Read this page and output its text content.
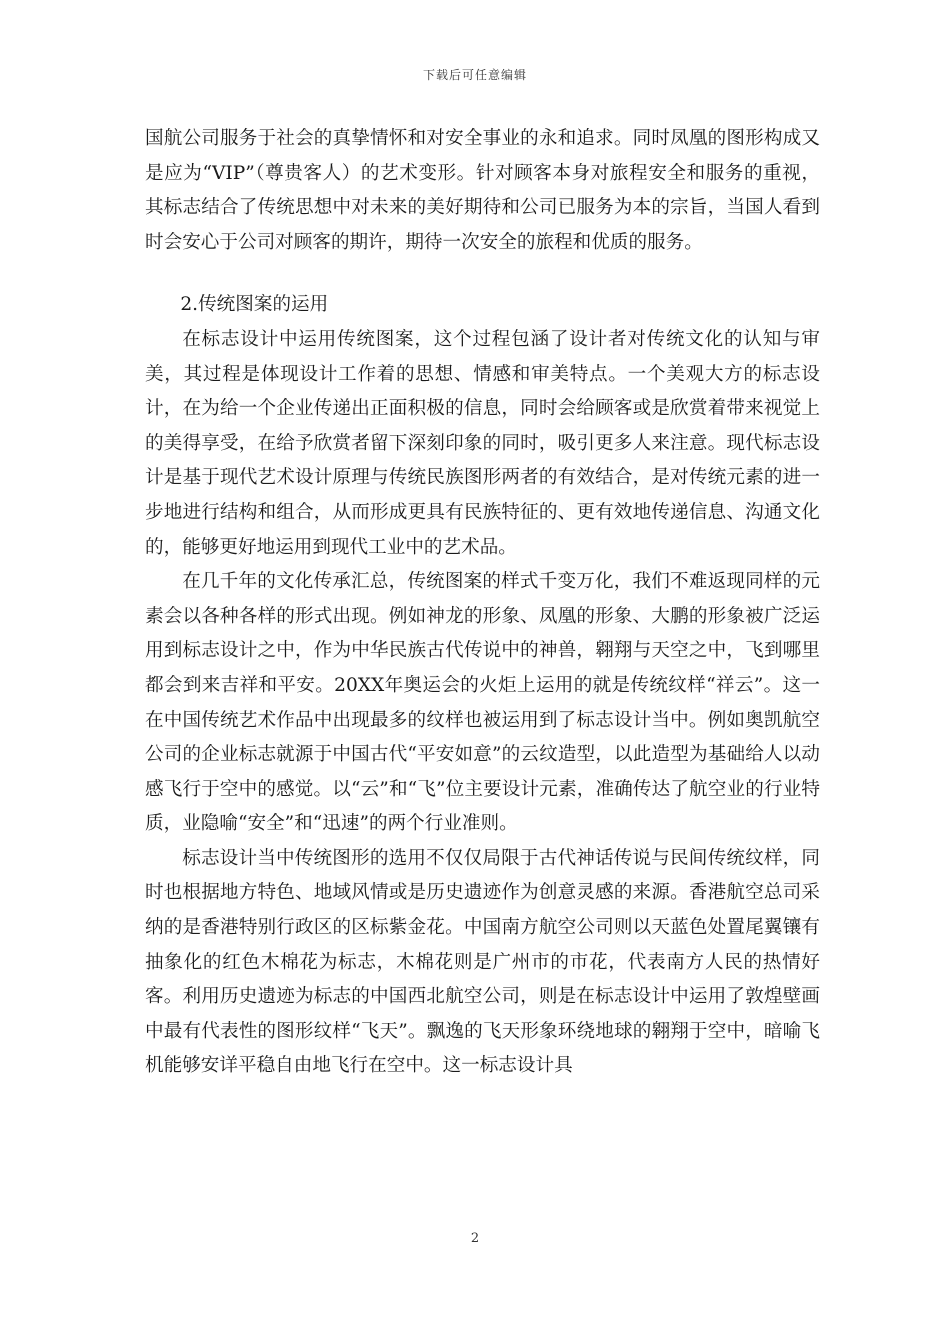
下载后可任意编辑

国航公司服务于社会的真挚情怀和对安全事业的永和追求。同时凤凰的图形构成又是应为“VIP”（尊贵客人）的艺术变形。针对顾客本身对旅程安全和服务的重视，其标志结合了传统思想中对未来的美好期待和公司已服务为本的宗旨，当国人看到时会安心于公司对顾客的期许，期待一次安全的旅程和优质的服务。

2.传统图案的运用

在标志设计中运用传统图案，这个过程包涵了设计者对传统文化的认知与审美，其过程是体现设计工作着的思想、情感和审美特点。一个美观大方的标志设计，在为给一个企业传递出正面积极的信息，同时会给顾客或是欣赏着带来视觉上的美得享受，在给予欣赏者留下深刻印象的同时，吸引更多人来注意。现代标志设计是基于现代艺术设计原理与传统民族图形两者的有效结合，是对传统元素的进一步地进行结构和组合，从而形成更具有民族特征的、更有效地传递信息、沟通文化的，能够更好地运用到现代工业中的艺术品。

在几千年的文化传承汇总，传统图案的样式千变万化，我们不难返现同样的元素会以各种各样的形式出现。例如神龙的形象、凤凰的形象、大鹏的形象被广泛运用到标志设计之中，作为中华民族古代传说中的神兽，翱翔与天空之中，飞到哪里都会到来吉祥和平安。20XX年奥运会的火炬上运用的就是传统纹样“祥云”。这一在中国传统艺术作品中出现最多的纹样也被运用到了标志设计当中。例如奥凯航空公司的企业标志就源于中国古代“平安如意”的云纹造型，以此造型为基础给人以动感飞行于空中的感觉。以“云”和“飞”位主要设计元素，准确传达了航空业的行业特质，业隐喻“安全”和“迅速”的两个行业准则。

标志设计当中传统图形的选用不仅仅局限于古代神话传说与民间传统纹样，同时也根据地方特色、地域风情或是历史遗迹作为创意灵感的来源。香港航空总司采纳的是香港特别行政区的区标紫金花。中国南方航空公司则以天蓝色处置尾翼镶有抽象化的红色木棉花为标志，木棉花则是广州市的市花，代表南方人民的热情好客。利用历史遗迹为标志的中国西北航空公司，则是在标志设计中运用了敦煌壁画中最有代表性的图形纹样“飞天”。飘逸的飞天形象环绕地球的翱翔于空中，暗喻飞机能够安详平稳自由地飞行在空中。这一标志设计具

2
